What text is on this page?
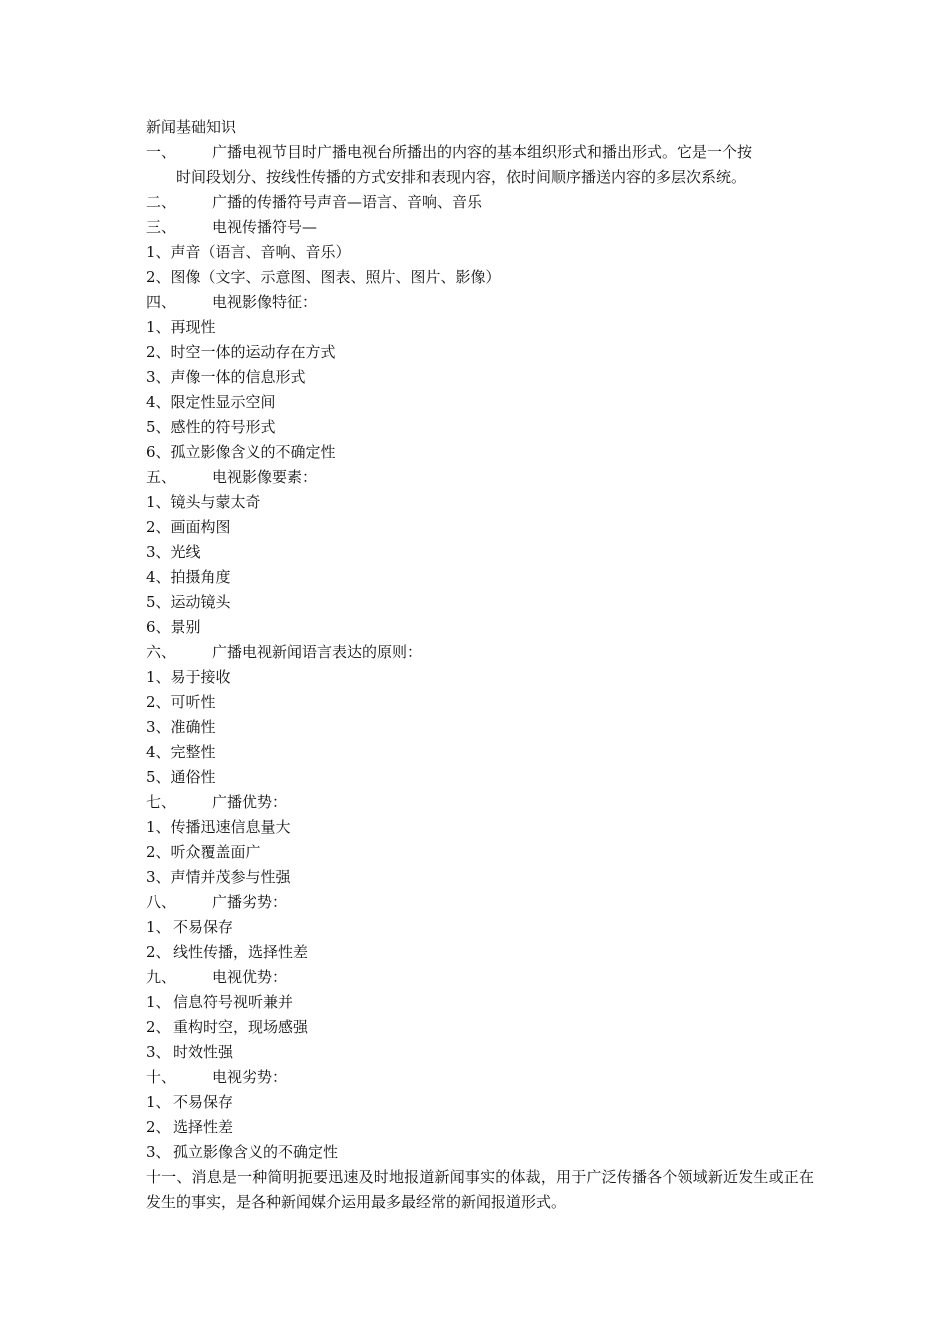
新闻基础知识
一、	广播电视节目时广播电视台所播出的内容的基本组织形式和播出形式。它是一个按
时间段划分、按线性传播的方式安排和表现内容，依时间顺序播送内容的多层次系统。
二、	广播的传播符号声音—语言、音响、音乐
三、	电视传播符号—
1、声音（语言、音响、音乐）
2、图像（文字、示意图、图表、照片、图片、影像）
四、	电视影像特征：
1、再现性
2、时空一体的运动存在方式
3、声像一体的信息形式
4、限定性显示空间
5、感性的符号形式
6、孤立影像含义的不确定性
五、	电视影像要素：
1、镜头与蒙太奇
2、画面构图
3、光线
4、拍摄角度
5、运动镜头
6、景别
六、	广播电视新闻语言表达的原则：
1、易于接收
2、可听性
3、准确性
4、完整性
5、通俗性
七、	广播优势：
1、传播迅速信息量大
2、听众覆盖面广
3、声情并茂参与性强
八、	广播劣势：
1、 不易保存
2、 线性传播，选择性差
九、	电视优势：
1、 信息符号视听兼并
2、 重构时空，现场感强
3、 时效性强
十、	电视劣势：
1、 不易保存
2、 选择性差
3、 孤立影像含义的不确定性
十一、消息是一种简明扼要迅速及时地报道新闻事实的体裁，用于广泛传播各个领域新近发生或正在发生的事实，是各种新闻媒介运用最多最经常的新闻报道形式。
